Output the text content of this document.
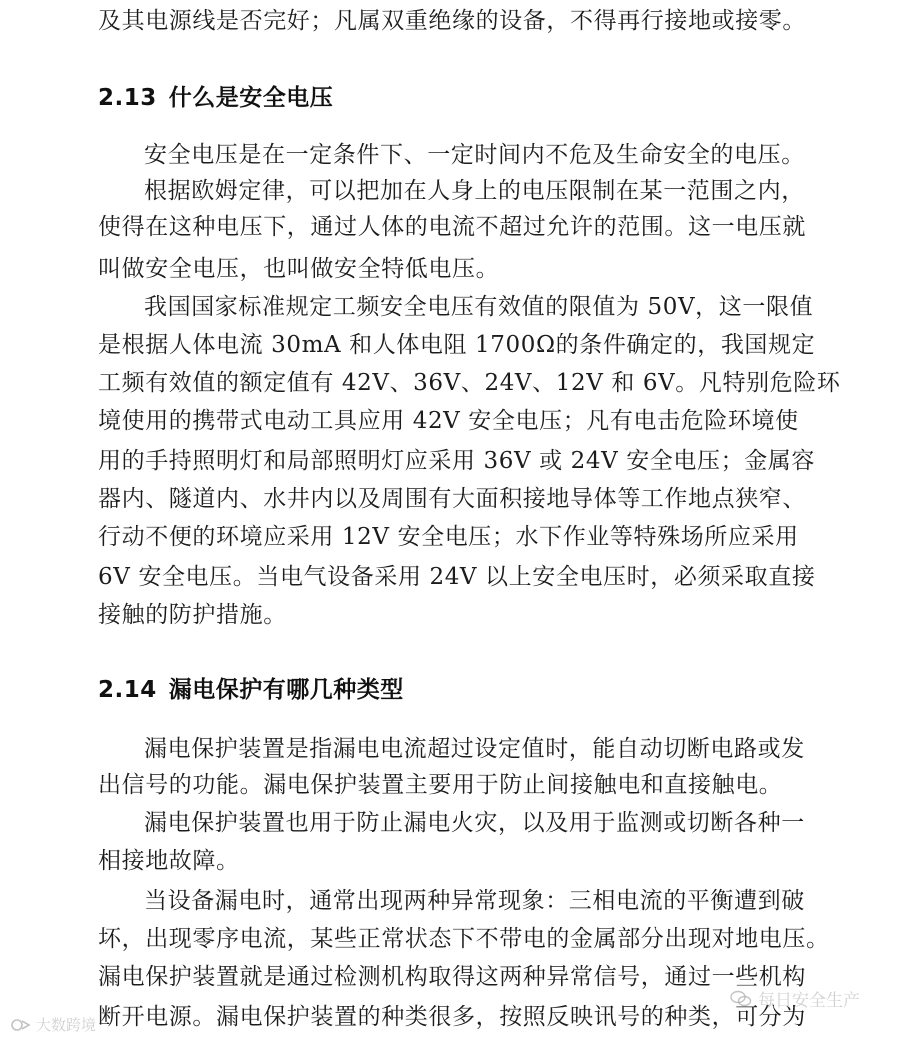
及其电源线是否完好；凡属双重绝缘的设备，不得再行接地或接零。
2.13 什么是安全电压
安全电压是在一定条件下、一定时间内不危及生命安全的电压。
根据欧姆定律，可以把加在人身上的电压限制在某一范围之内，
使得在这种电压下，通过人体的电流不超过允许的范围。这一电压就
叫做安全电压，也叫做安全特低电压。
我国国家标准规定工频安全电压有效值的限值为 50V，这一限值
是根据人体电流 30mA 和人体电阻 1700Ω的条件确定的，我国规定
工频有效值的额定值有 42V、36V、24V、12V 和 6V。凡特别危险环
境使用的携带式电动工具应用 42V 安全电压；凡有电击危险环境使
用的手持照明灯和局部照明灯应采用 36V 或 24V 安全电压；金属容
器内、隧道内、水井内以及周围有大面积接地导体等工作地点狭窄、
行动不便的环境应采用 12V 安全电压；水下作业等特殊场所应采用
6V 安全电压。当电气设备采用 24V 以上安全电压时，必须采取直接
接触的防护措施。
2.14 漏电保护有哪几种类型
漏电保护装置是指漏电电流超过设定值时，能自动切断电路或发
出信号的功能。漏电保护装置主要用于防止间接触电和直接触电。
漏电保护装置也用于防止漏电火灾，以及用于监测或切断各种一
相接地故障。
当设备漏电时，通常出现两种异常现象：三相电流的平衡遭到破
坏，出现零序电流，某些正常状态下不带电的金属部分出现对地电压。
漏电保护装置就是通过检测机构取得这两种异常信号，通过一些机构
断开电源。漏电保护装置的种类很多，按照反映讯号的种类，可分为
每日安全生产
大数跨境
